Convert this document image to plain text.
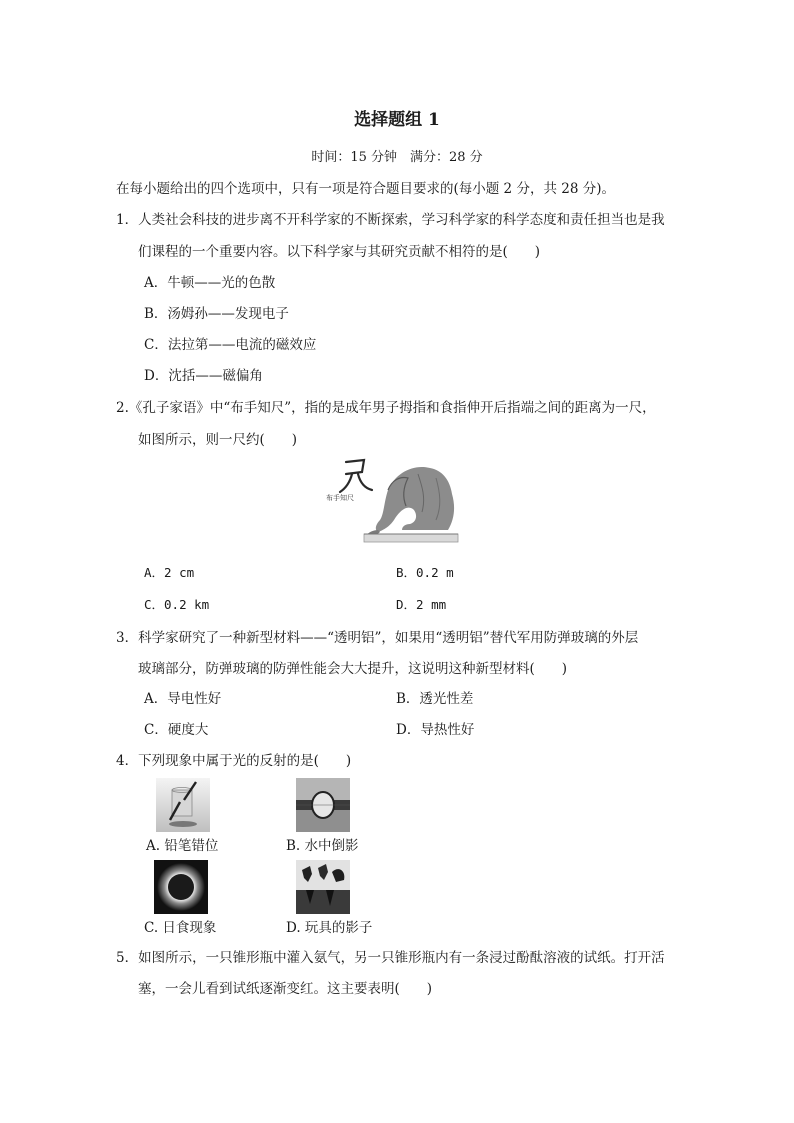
选择题组 1
时间：15 分钟　满分：28 分
在每小题给出的四个选项中，只有一项是符合题目要求的(每小题 2 分，共 28 分)。
1．人类社会科技的进步离不开科学家的不断探索，学习科学家的科学态度和责任担当也是我
们课程的一个重要内容。以下科学家与其研究贡献不相符的是(　　)
A．牛顿——光的色散
B．汤姆孙——发现电子
C．法拉第——电流的磁效应
D．沈括——磁偏角
2.《孔子家语》中“布手知尺”，指的是成年男子拇指和食指伸开后指端之间的距离为一尺，
如图所示，则一尺约(　　)
布手知尺
A．2 cm	B．0.2 m
C．0.2 km	D．2 mm
3．科学家研究了一种新型材料——“透明铝”，如果用“透明铝”替代军用防弹玻璃的外层
玻璃部分，防弹玻璃的防弹性能会大大提升，这说明这种新型材料(　　)
A．导电性好	B．透光性差
C．硬度大	D．导热性好
4．下列现象中属于光的反射的是(　　)
A. 铅笔错位	B. 水中倒影
C. 日食现象	D. 玩具的影子
5．如图所示，一只锥形瓶中灌入氨气，另一只锥形瓶内有一条浸过酚酞溶液的试纸。打开活
塞，一会儿看到试纸逐渐变红。这主要表明(　　)
